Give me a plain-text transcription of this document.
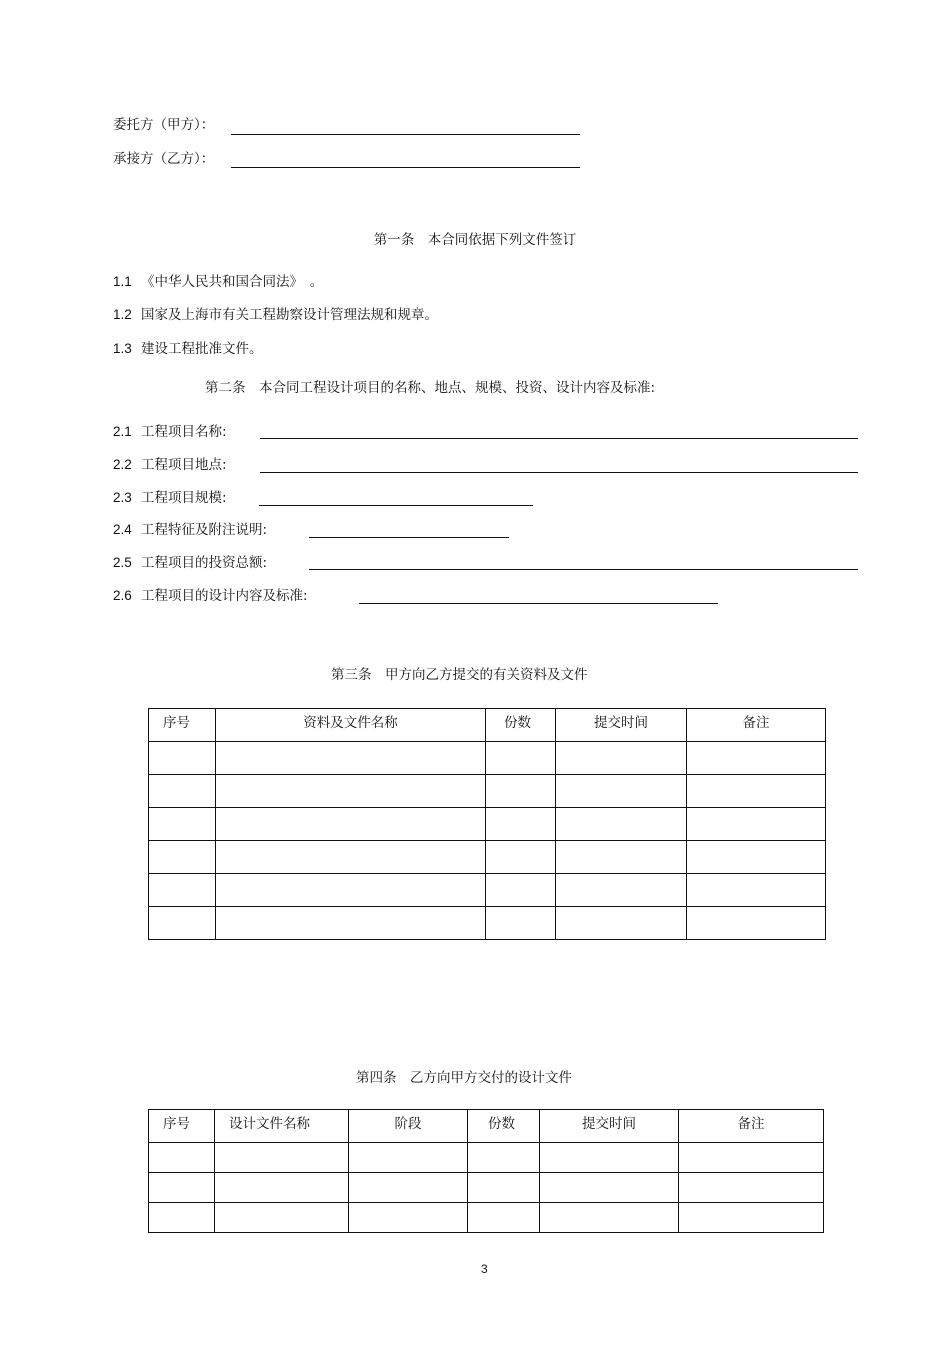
委托方（甲方）：
承接方（乙方）：
第一条　本合同依据下列文件签订
1.1 《中华人民共和国合同法》　。
1.2 国家及上海市有关工程勘察设计管理法规和规章。
1.3 建设工程批准文件。
第二条　本合同工程设计项目的名称、地点、规模、投资、设计内容及标准:
2.1 工程项目名称:
2.2 工程项目地点:
2.3 工程项目规模:
2.4 工程特征及附注说明:
2.5 工程项目的投资总额:
2.6 工程项目的设计内容及标准:
第三条　甲方向乙方提交的有关资料及文件
序号	资料及文件名称	份数	提交时间	备注

第四条　乙方向甲方交付的设计文件
序号	设计文件名称	阶段	份数	提交时间	备注

3
